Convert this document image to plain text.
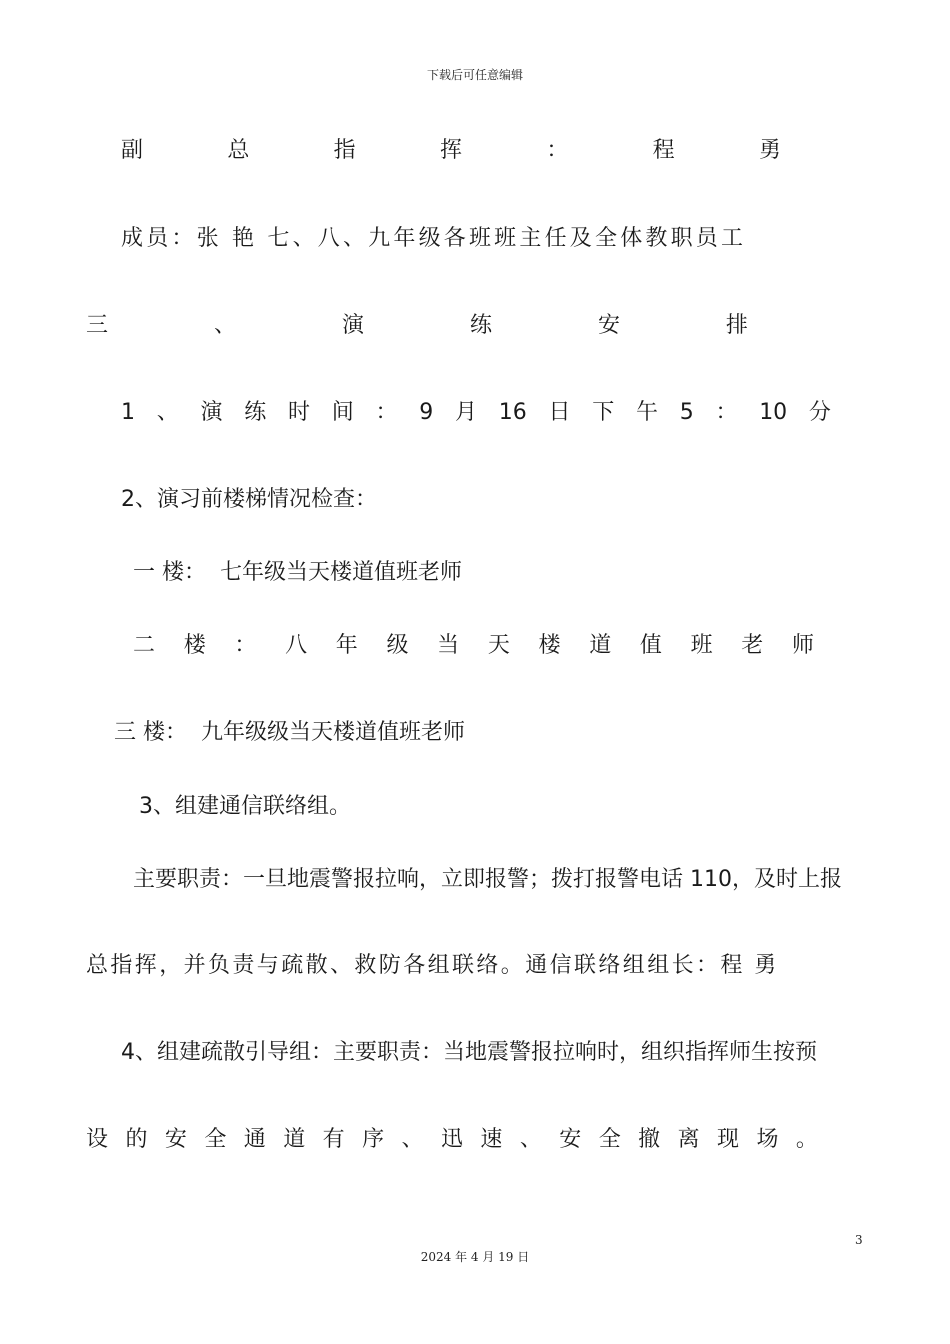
下载后可任意编辑
副	总	指	挥	：	程	勇
成员：张 艳 七、八、九年级各班班主任及全体教职员工
三	、	演	练	安	排
1 、 演 练 时 间 ： 9 月 16 日 下 午 5 ： 10 分
2、演习前楼梯情况检查：
一 楼：  七年级当天楼道值班老师
二 楼 ： 八 年 级 当 天 楼 道 值 班 老 师
三 楼：  九年级级当天楼道值班老师
3、组建通信联络组。
主要职责：一旦地震警报拉响，立即报警；拨打报警电话 110，及时上报
总指挥，并负责与疏散、救防各组联络。通信联络组组长：程 勇
4、组建疏散引导组：主要职责：当地震警报拉响时，组织指挥师生按预
设 的 安 全 通 道 有 序 、 迅 速 、 安 全 撤 离 现 场 。
3
2024 年 4 月 19 日
